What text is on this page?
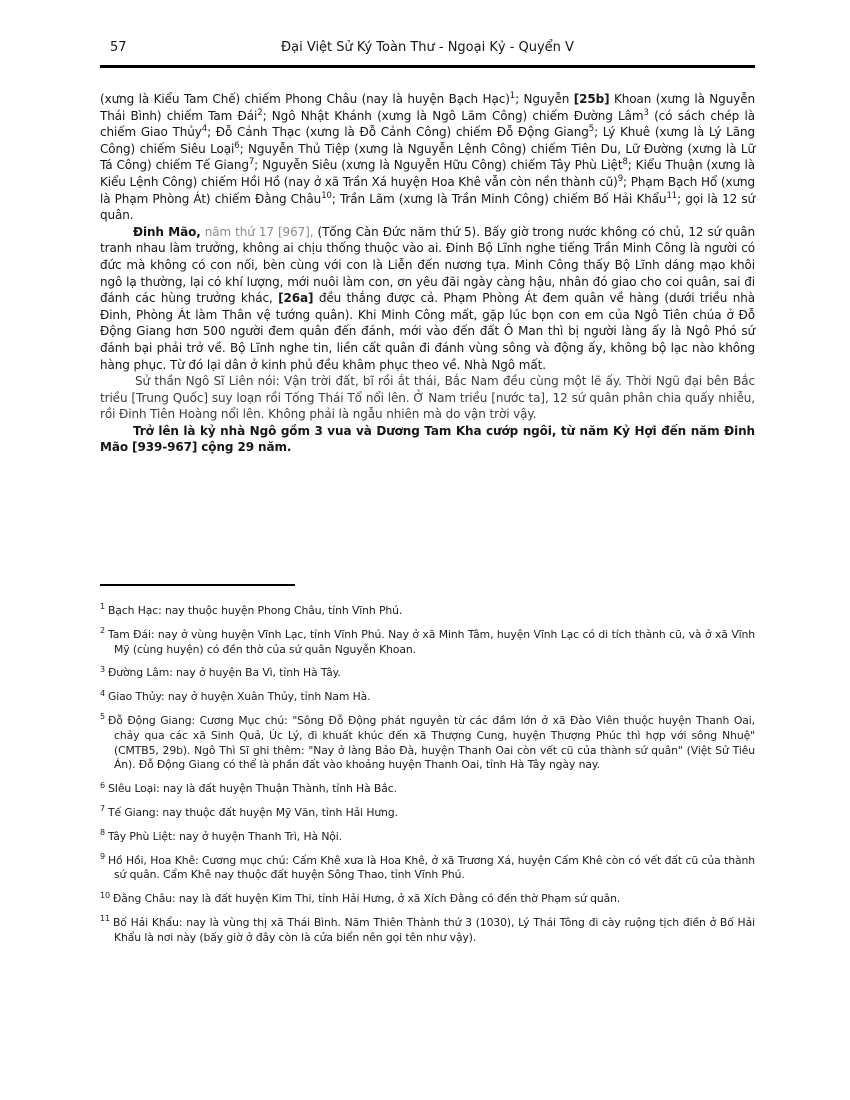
57	Đại Việt Sử Ký Toàn Thư - Ngoại Kỷ - Quyển V

(xưng là Kiểu Tam Chế) chiếm Phong Châu (nay là huyện Bạch Hạc)$^1$; Nguyễn [25b] Khoan (xưng là Nguyễn Thái Bình) chiếm Tam Đái$^2$; Ngô Nhật Khánh (xưng là Ngô Lãm Công) chiếm Đường Lâm$^3$ (có sách chép là chiếm Giao Thủy$^4$; Đỗ Cảnh Thạc (xưng là Đỗ Cảnh Công) chiếm Đỗ Động Giang$^5$; Lý Khuê (xưng là Lý Lãng Công) chiếm Siêu Loại$^6$; Nguyễn Thủ Tiệp (xưng là Nguyễn Lệnh Công) chiếm Tiên Du, Lữ Đường (xưng là Lữ Tá Công) chiếm Tế Giang$^7$; Nguyễn Siêu (xưng là Nguyễn Hữu Công) chiếm Tây Phù Liệt$^8$; Kiểu Thuận (xưng là Kiểu Lệnh Công) chiếm Hồi Hồ (nay ở xã Trần Xá huyện Hoa Khê vẫn còn nền thành cũ)$^9$; Phạm Bạch Hổ (xưng là Phạm Phòng Át) chiếm Đằng Châu$^{10}$; Trần Lãm (xưng là Trần Minh Công) chiếm Bố Hải Khẩu$^{11}$; gọi là 12 sứ quân.

Đinh Mão, năm thứ 17 [967], (Tống Càn Đức năm thứ 5). Bấy giờ trong nước không có chủ, 12 sứ quân tranh nhau làm trưởng, không ai chịu thống thuộc vào ai. Đinh Bộ Lĩnh nghe tiếng Trần Minh Công là người có đức mà không có con nối, bèn cùng với con là Liễn đến nương tựa. Minh Công thấy Bộ Lĩnh dáng mạo khôi ngô lạ thường, lại có khí lượng, mới nuôi làm con, ơn yêu đãi ngày càng hậu, nhân đó giao cho coi quân, sai đi đánh các hùng trưởng khác, [26a] đều thắng được cả. Phạm Phòng Át đem quân về hàng (dưới triều nhà Đinh, Phòng Át làm Thân vệ tướng quân). Khi Minh Công mất, gặp lúc bọn con em của Ngô Tiên chúa ở Đỗ Động Giang hơn 500 người đem quân đến đánh, mới vào đến đất Ô Man thì bị người làng ấy là Ngô Phó sứ đánh bại phải trở về. Bộ Lĩnh nghe tin, liền cất quân đi đánh vùng sông và động ấy, không bộ lạc nào không hàng phục. Từ đó lại dân ở kinh phủ đều khâm phục theo về. Nhà Ngô mất.

Sử thần Ngô Sĩ Liên nói: Vận trời đất, bĩ rồi ắt thái, Bắc Nam đều cùng một lẽ ấy. Thời Ngũ đại bên Bắc triều [Trung Quốc] suy loạn rồi Tống Thái Tổ nổi lên. Ở Nam triều [nước ta], 12 sứ quân phân chia quấy nhiễu, rồi Đinh Tiên Hoàng nổi lên. Không phải là ngẫu nhiên mà do vận trời vậy.

Trở lên là kỷ nhà Ngô gồm 3 vua và Dương Tam Kha cướp ngôi, từ năm Kỷ Hợi đến năm Đinh Mão [939-967] cộng 29 năm.

$^1$ Bạch Hạc: nay thuộc huyện Phong Châu, tỉnh Vĩnh Phú.

$^2$ Tam Đái: nay ở vùng huyện Vĩnh Lạc, tỉnh Vĩnh Phú. Nay ở xã Minh Tâm, huyện Vĩnh Lạc có di tích thành cũ, và ở xã Vĩnh Mỹ (cùng huyện) có đền thờ của sứ quân Nguyễn Khoan.

$^3$ Đường Lâm: nay ở huyện Ba Vì, tỉnh Hà Tây.

$^4$ Giao Thủy: nay ở huyện Xuân Thủy, tỉnh Nam Hà.

$^5$ Đỗ Động Giang: Cương Mục chú: "Sông Đỗ Động phát nguyên từ các đầm lớn ở xã Đào Viên thuộc huyện Thanh Oai, chảy qua các xã Sinh Quả, Úc Lý, đi khuất khúc đến xã Thượng Cung, huyện Thượng Phúc thì hợp với sông Nhuệ" (CMTB5, 29b). Ngô Thì Sĩ ghi thêm: "Nay ở làng Bảo Đà, huyện Thanh Oai còn vết cũ của thành sứ quân" (Việt Sử Tiêu Án). Đỗ Động Giang có thể là phần đất vào khoảng huyện Thanh Oai, tỉnh Hà Tây ngày nay.

$^6$ SIêu Loại: nay là đất huyện Thuận Thành, tỉnh Hà Bắc.

$^7$ Tế Giang: nay thuộc đất huyện Mỹ Văn, tỉnh Hải Hưng.

$^8$ Tây Phù Liệt: nay ở huyện Thanh Trì, Hà Nội.

$^9$ Hồ Hồi, Hoa Khê: Cương mục chú: Cấm Khê xưa là Hoa Khê, ở xã Trương Xá, huyện Cấm Khê còn có vết đất cũ của thành sứ quân. Cẩm Khê nay thuộc đất huyện Sông Thao, tỉnh Vĩnh Phú.

$^{10}$ Đằng Châu: nay là đất huyện Kim Thi, tỉnh Hải Hưng, ở xã Xích Đằng có đền thờ Phạm sứ quân.

$^{11}$ Bố Hải Khẩu: nay là vùng thị xã Thái Bình. Năm Thiên Thành thứ 3 (1030), Lý Thái Tông đi cày ruộng tịch điền ở Bố Hải Khẩu là nơi này (bấy giờ ở đây còn là cửa biển nên gọi tên như vậy).
